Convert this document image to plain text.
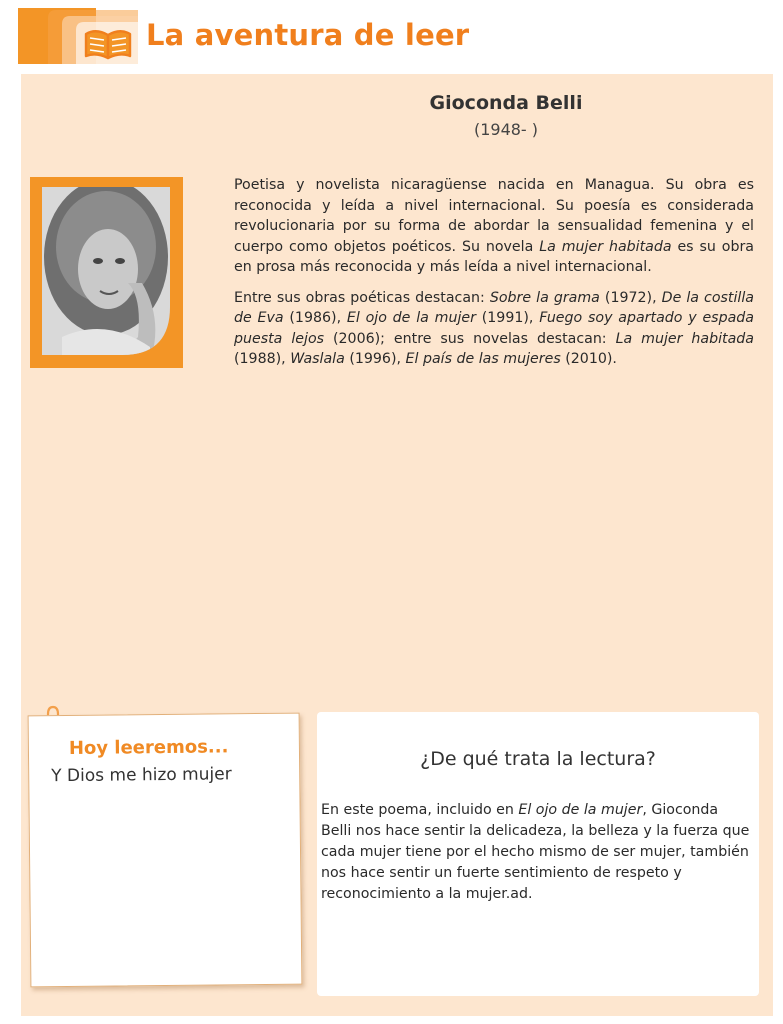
La aventura de leer
Gioconda Belli
(1948- )

Poetisa y novelista nicaragüense nacida en Managua. Su obra es reconocida y leída a nivel internacional. Su poesía es considerada revolucionaria por su forma de abordar la sensualidad femenina y el cuerpo como objetos poéticos. Su novela La mujer habitada es su obra en prosa más reconocida y más leída a nivel internacional.

Entre sus obras poéticas destacan: Sobre la grama (1972), De la costilla de Eva (1986), El ojo de la mujer (1991), Fuego soy apartado y espada puesta lejos (2006); entre sus novelas destacan: La mujer habitada (1988), Waslala (1996), El país de las mujeres (2010).

Hoy leeremos...
Y Dios me hizo mujer
¿De qué trata la lectura?
En este poema, incluido en El ojo de la mujer, Gioconda Belli nos hace sentir la delicadeza, la belleza y la fuerza que cada mujer tiene por el hecho mismo de ser mujer, también nos hace sentir un fuerte sentimiento de respeto y reconocimiento a la mujer.ad.
